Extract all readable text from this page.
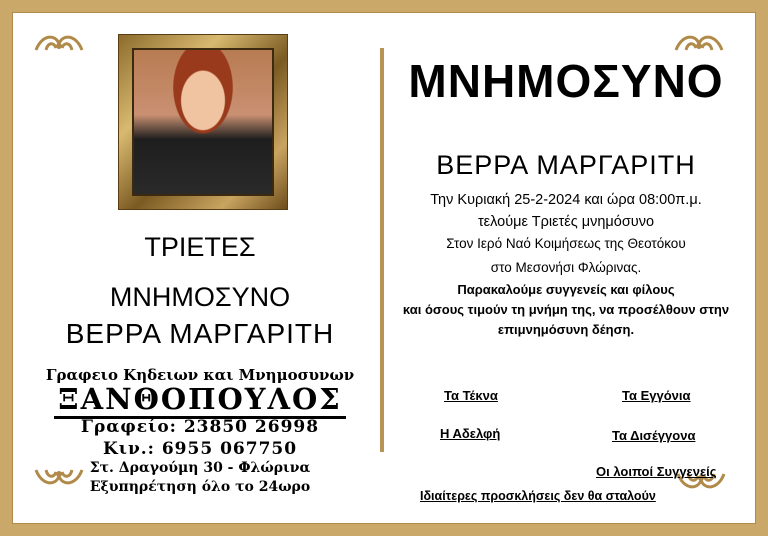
ΤΡΙΕΤΕΣ
ΜΝΗΜΟΣΥΝΟ
ΒΕΡΡΑ ΜΑΡΓΑΡΙΤΗ
Γραφειο Κηδειων και Μνημοσυνων
ΞΑΝΘΟΠΟΥΛΟΣ
Γραφείο: 23850 26998
Κιν.: 6955 067750
Στ. Δραγούμη 30 - Φλώρινα
Εξυπηρέτηση όλο το 24ωρο
ΜΝΗΜΟΣΥΝΟ
ΒΕΡΡΑ ΜΑΡΓΑΡΙΤΗ
Την Κυριακή 25-2-2024 και ώρα 08:00π.μ.
τελούμε Τριετές μνημόσυνο
Στον Ιερό Ναό Κοιμήσεως της Θεοτόκου
στο Μεσονήσι Φλώρινας.
Παρακαλούμε συγγενείς και φίλους
και όσους τιμούν τη μνήμη της, να προσέλθουν στην
επιμνημόσυνη δέηση.
Τα Τέκνα	Τα Εγγόνια
Η Αδελφή	Τα Δισέγγονα
Οι λοιποί Συγγενείς
Ιδιαίτερες προσκλήσεις δεν θα σταλούν
